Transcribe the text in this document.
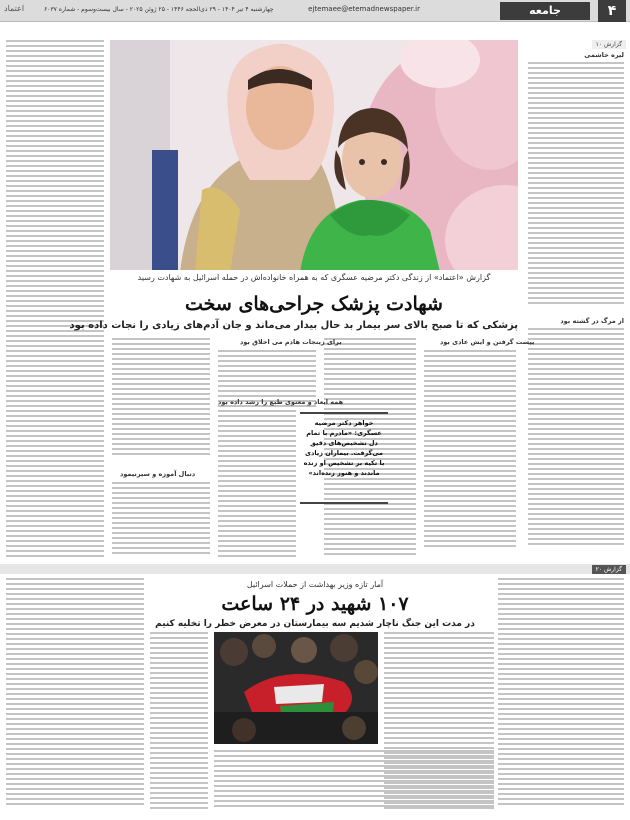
۴
جامعه
ejtemaee@etemadnewspaper.ir
چهارشنبه ۴ تیر ۱۴۰۴ - ۲۹ ذی‌الحجه ۱۴۴۶ - ۲۵ ژوئن ۲۰۲۵ - سال بیست‌وسوم - شماره ۶۰۳۷
اعتماد
گزارش ۱۰
لیره خاشمی
از مرگ در گشته بود
گزارش «اعتماد» از زندگی دکتر مرضیه عسگری که به همراه خانواده‌اش در حمله اسرائیل به شهادت رسید
شهادت پزشک جراحی‌های سخت
پزشکی که تا صبح بالای سر بیمار بد حال بیدار می‌ماند و جان آدم‌های زیادی را نجات داده بود
بیست گرفتن و ایش عادی بود
برای زینجات هادم می اخلاق بود
همه ابعاد و معنوی طبع را رشد داده بود
خواهر دکتر مرضیه عسگری: «مادرم با تمام دل تشخیص‌های دقیق می‌گرفت. بیماران زیادی با تکیه بر تشخیص او زنده ماندند و هنوز زنده‌اند»
دنبال آموزه و سیرنیمود
گزارش ۲۰
آمار تازه وزیر بهداشت از حملات اسرائیل
۱۰۷ شهید در ۲۴ ساعت
در مدت این جنگ ناچار شدیم سه بیمارستان در معرض خطر را تخلیه کنیم
